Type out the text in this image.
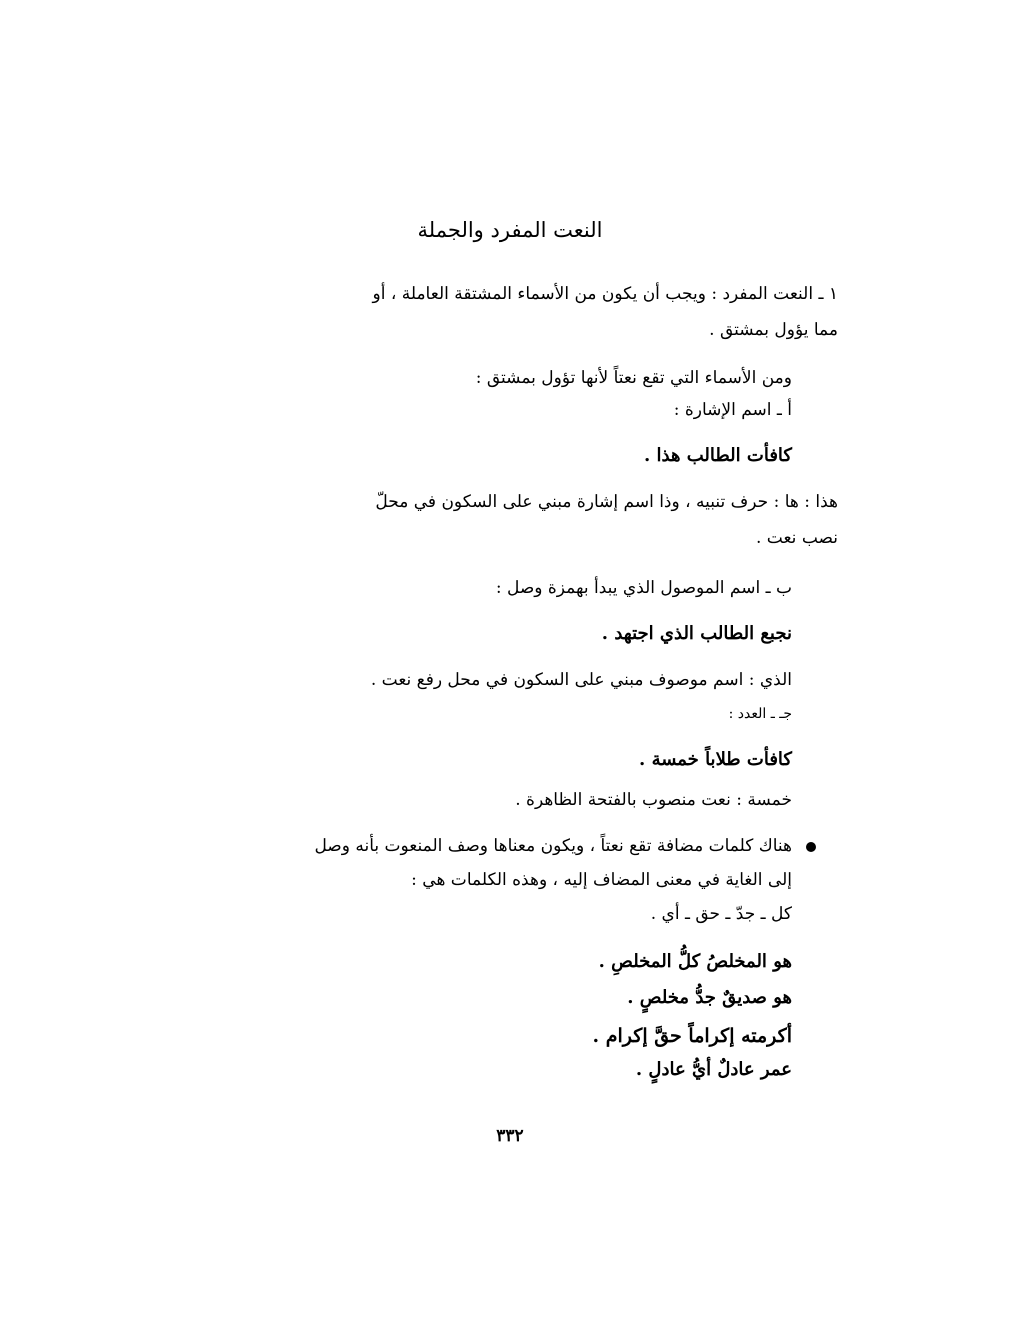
النعت المفرد والجملة
١ ـ النعت المفرد : ويجب أن يكون من الأسماء المشتقة العاملة ، أو
مما يؤول بمشتق .
ومن الأسماء التي تقع نعتاً لأنها تؤول بمشتق :
أ ـ اسم الإشارة :
كافأت الطالب هذا .
هذا : ها : حرف تنبيه ، وذا اسم إشارة مبني على السكون في محلّ
نصب نعت .
ب ـ اسم الموصول الذي يبدأ بهمزة وصل :
نجبع الطالب الذي اجتهد .
الذي : اسم موصوف مبني على السكون في محل رفع نعت .
جـ ـ العدد :
كافأت طلاباً خمسة .
خمسة : نعت منصوب بالفتحة الظاهرة .
هناك كلمات مضافة تقع نعتاً ، ويكون معناها وصف المنعوت بأنه وصل
إلى الغاية في معنى المضاف إليه ، وهذه الكلمات هي :
كل ـ جدّ ـ حق ـ أي .
هو المخلصُ كلُّ المخلصِ .
هو صديقٌ جدُّ مخلصٍ .
أكرمته إكراماً حقَّ إكرام .
عمر عادلٌ أيُّ عادلٍ .
٣٣٢
